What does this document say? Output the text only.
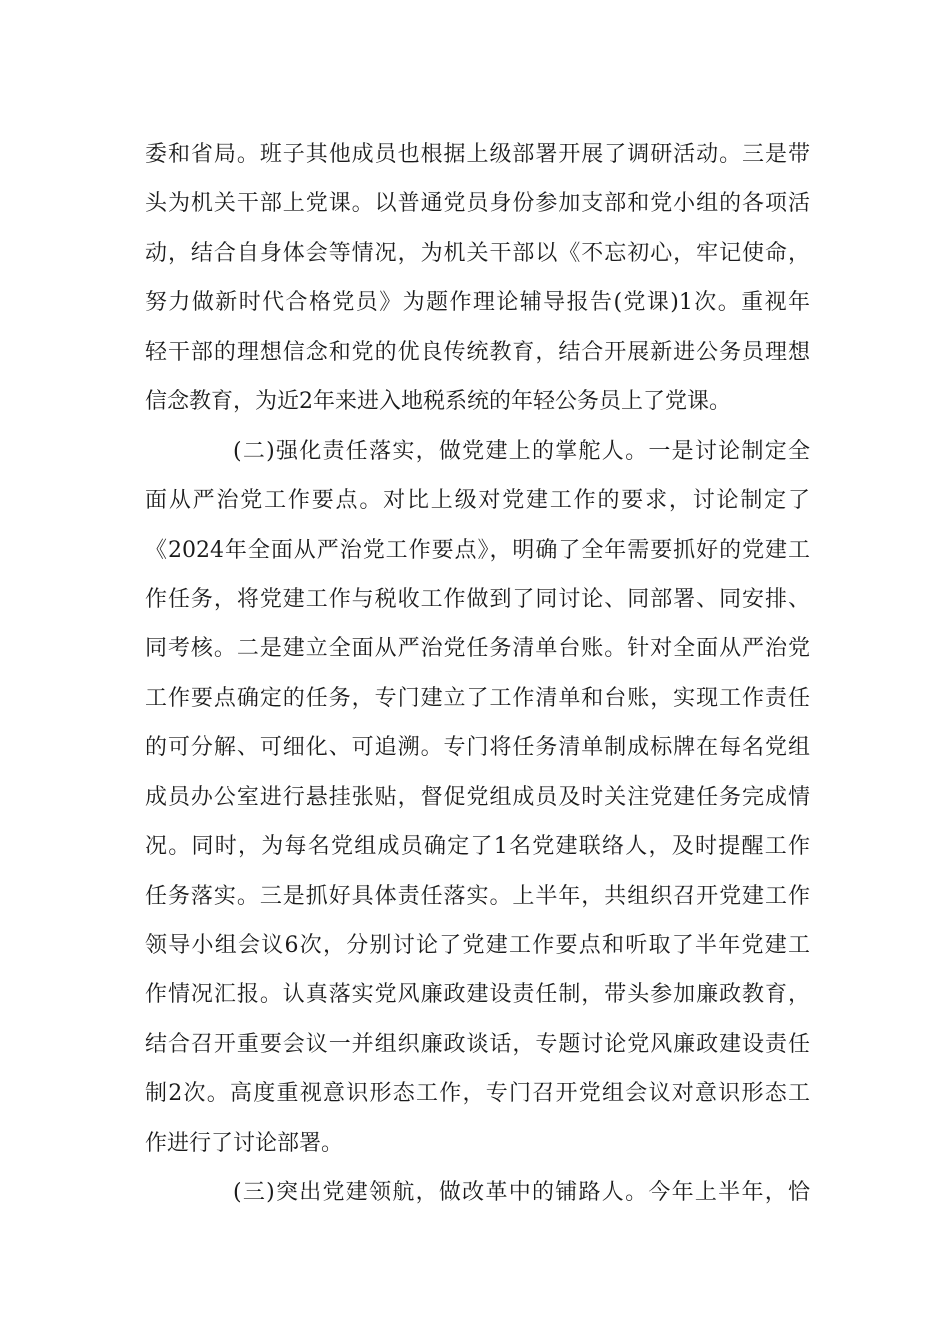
委和省局。班子其他成员也根据上级部署开展了调研活动。三是带
头为机关干部上党课。以普通党员身份参加支部和党小组的各项活
动，结合自身体会等情况，为机关干部以《不忘初心，牢记使命，
努力做新时代合格党员》为题作理论辅导报告(党课)1次。重视年
轻干部的理想信念和党的优良传统教育，结合开展新进公务员理想
信念教育，为近2年来进入地税系统的年轻公务员上了党课。
(二)强化责任落实，做党建上的掌舵人。一是讨论制定全
面从严治党工作要点。对比上级对党建工作的要求，讨论制定了
《2024年全面从严治党工作要点》，明确了全年需要抓好的党建工
作任务，将党建工作与税收工作做到了同讨论、同部署、同安排、
同考核。二是建立全面从严治党任务清单台账。针对全面从严治党
工作要点确定的任务，专门建立了工作清单和台账，实现工作责任
的可分解、可细化、可追溯。专门将任务清单制成标牌在每名党组
成员办公室进行悬挂张贴，督促党组成员及时关注党建任务完成情
况。同时，为每名党组成员确定了1名党建联络人，及时提醒工作
任务落实。三是抓好具体责任落实。上半年，共组织召开党建工作
领导小组会议6次，分别讨论了党建工作要点和听取了半年党建工
作情况汇报。认真落实党风廉政建设责任制，带头参加廉政教育，
结合召开重要会议一并组织廉政谈话，专题讨论党风廉政建设责任
制2次。高度重视意识形态工作，专门召开党组会议对意识形态工
作进行了讨论部署。
(三)突出党建领航，做改革中的铺路人。今年上半年，恰
